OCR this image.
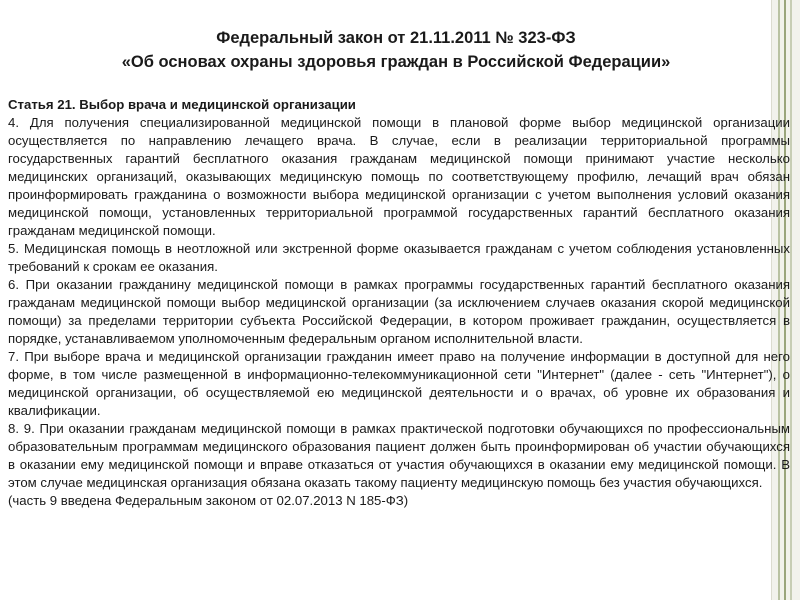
Федеральный закон от 21.11.2011 № 323-ФЗ
«Об основах охраны здоровья граждан в Российской Федерации»

Статья 21. Выбор врача и медицинской организации

4. Для получения специализированной медицинской помощи в плановой форме выбор медицинской организации осуществляется по направлению лечащего врача. В случае, если в реализации территориальной программы государственных гарантий бесплатного оказания гражданам медицинской помощи принимают участие несколько медицинских организаций, оказывающих медицинскую помощь по соответствующему профилю, лечащий врач обязан проинформировать гражданина о возможности выбора медицинской организации с учетом выполнения условий оказания медицинской помощи, установленных территориальной программой государственных гарантий бесплатного оказания гражданам медицинской помощи.

5. Медицинская помощь в неотложной или экстренной форме оказывается гражданам с учетом соблюдения установленных требований к срокам ее оказания.

6. При оказании гражданину медицинской помощи в рамках программы государственных гарантий бесплатного оказания гражданам медицинской помощи выбор медицинской организации (за исключением случаев оказания скорой медицинской помощи) за пределами территории субъекта Российской Федерации, в котором проживает гражданин, осуществляется в порядке, устанавливаемом уполномоченным федеральным органом исполнительной власти.

7. При выборе врача и медицинской организации гражданин имеет право на получение информации в доступной для него форме, в том числе размещенной в информационно-телекоммуникационной сети "Интернет" (далее - сеть "Интернет"), о медицинской организации, об осуществляемой ею медицинской деятельности и о врачах, об уровне их образования и квалификации.

8. 9. При оказании гражданам медицинской помощи в рамках практической подготовки обучающихся по профессиональным образовательным программам медицинского образования пациент должен быть проинформирован об участии обучающихся в оказании ему медицинской помощи и вправе отказаться от участия обучающихся в оказании ему медицинской помощи. В этом случае медицинская организация обязана оказать такому пациенту медицинскую помощь без участия обучающихся.

(часть 9 введена Федеральным законом от 02.07.2013 N 185-ФЗ)
